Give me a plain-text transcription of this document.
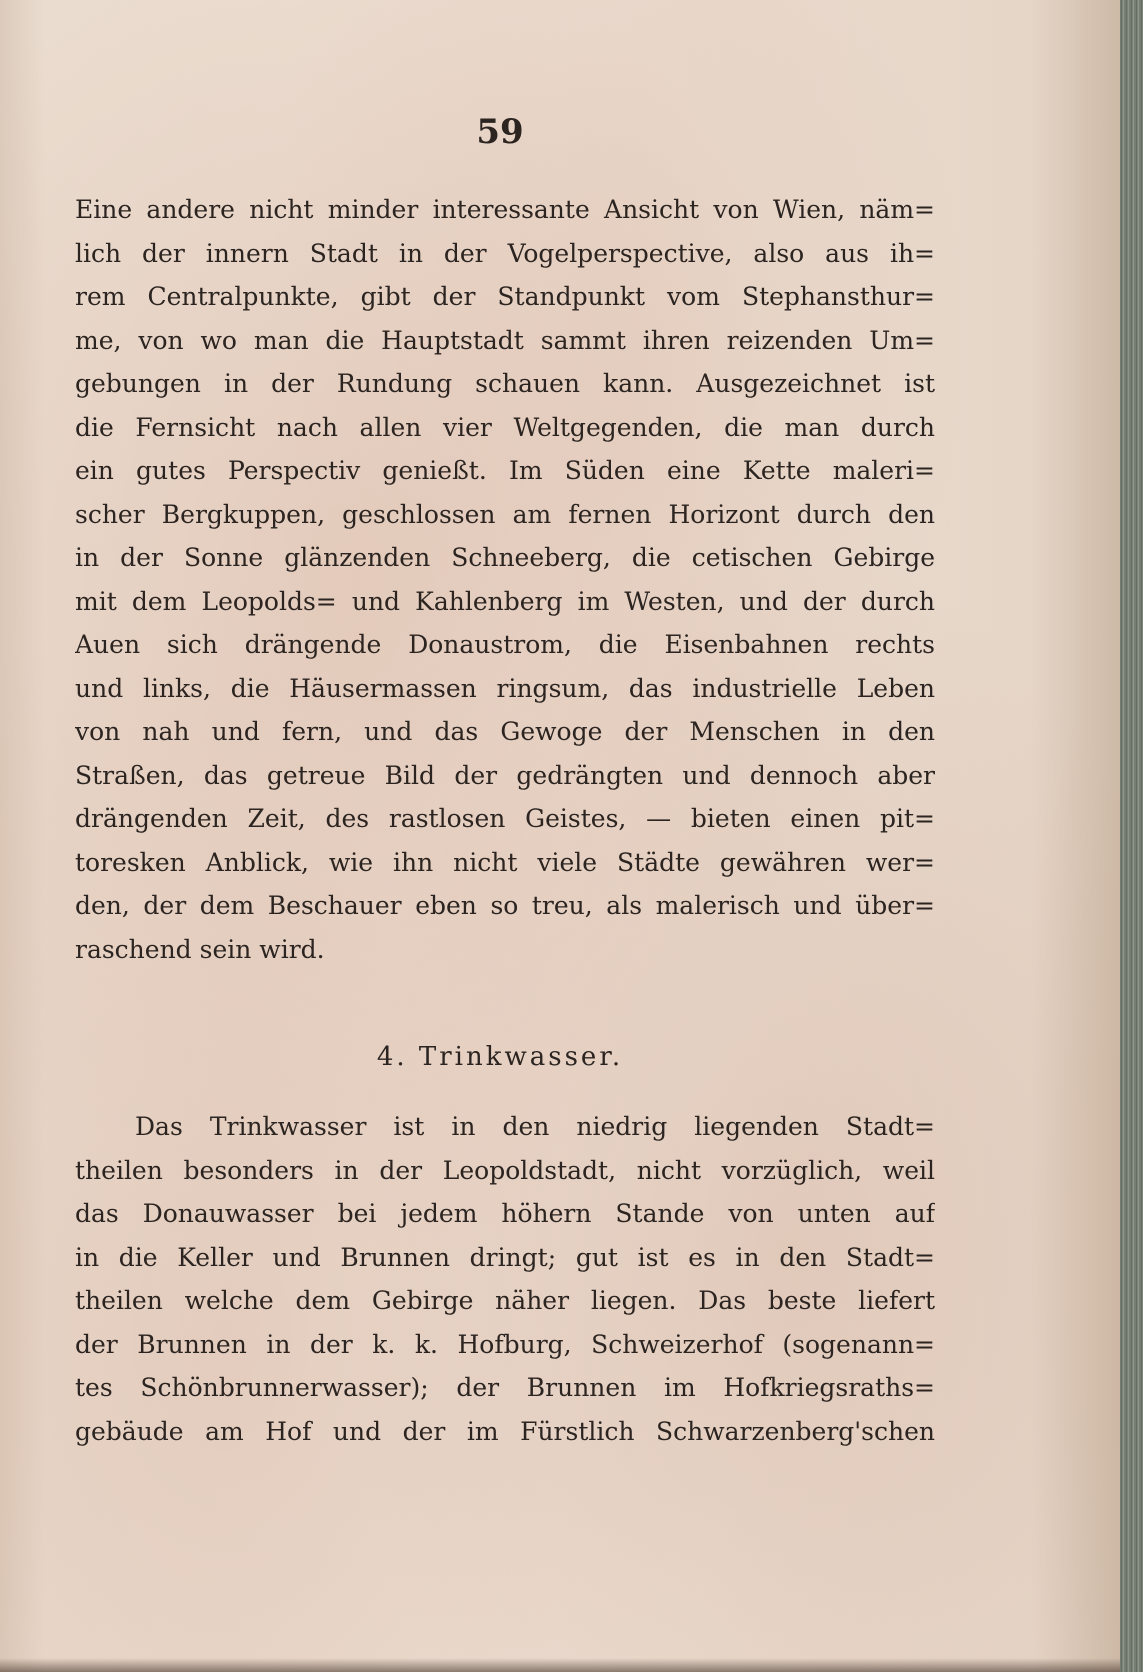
59
Eine andere nicht minder interessante Ansicht von Wien, näm=
lich der innern Stadt in der Vogelperspective, also aus ih=
rem Centralpunkte, gibt der Standpunkt vom Stephansthur=
me, von wo man die Hauptstadt sammt ihren reizenden Um=
gebungen in der Rundung schauen kann. Ausgezeichnet ist
die Fernsicht nach allen vier Weltgegenden, die man durch
ein gutes Perspectiv genießt. Im Süden eine Kette maleri=
scher Bergkuppen, geschlossen am fernen Horizont durch den
in der Sonne glänzenden Schneeberg, die cetischen Gebirge
mit dem Leopolds= und Kahlenberg im Westen, und der durch
Auen sich drängende Donaustrom, die Eisenbahnen rechts
und links, die Häusermassen ringsum, das industrielle Leben
von nah und fern, und das Gewoge der Menschen in den
Straßen, das getreue Bild der gedrängten und dennoch aber
drängenden Zeit, des rastlosen Geistes, — bieten einen pit=
toresken Anblick, wie ihn nicht viele Städte gewähren wer=
den, der dem Beschauer eben so treu, als malerisch und über=
raschend sein wird.
4. Trinkwasser.
Das Trinkwasser ist in den niedrig liegenden Stadt=
theilen besonders in der Leopoldstadt, nicht vorzüglich, weil
das Donauwasser bei jedem höhern Stande von unten auf
in die Keller und Brunnen dringt; gut ist es in den Stadt=
theilen welche dem Gebirge näher liegen. Das beste liefert
der Brunnen in der k. k. Hofburg, Schweizerhof (sogenann=
tes Schönbrunnerwasser); der Brunnen im Hofkriegsraths=
gebäude am Hof und der im Fürstlich Schwarzenberg'schen
